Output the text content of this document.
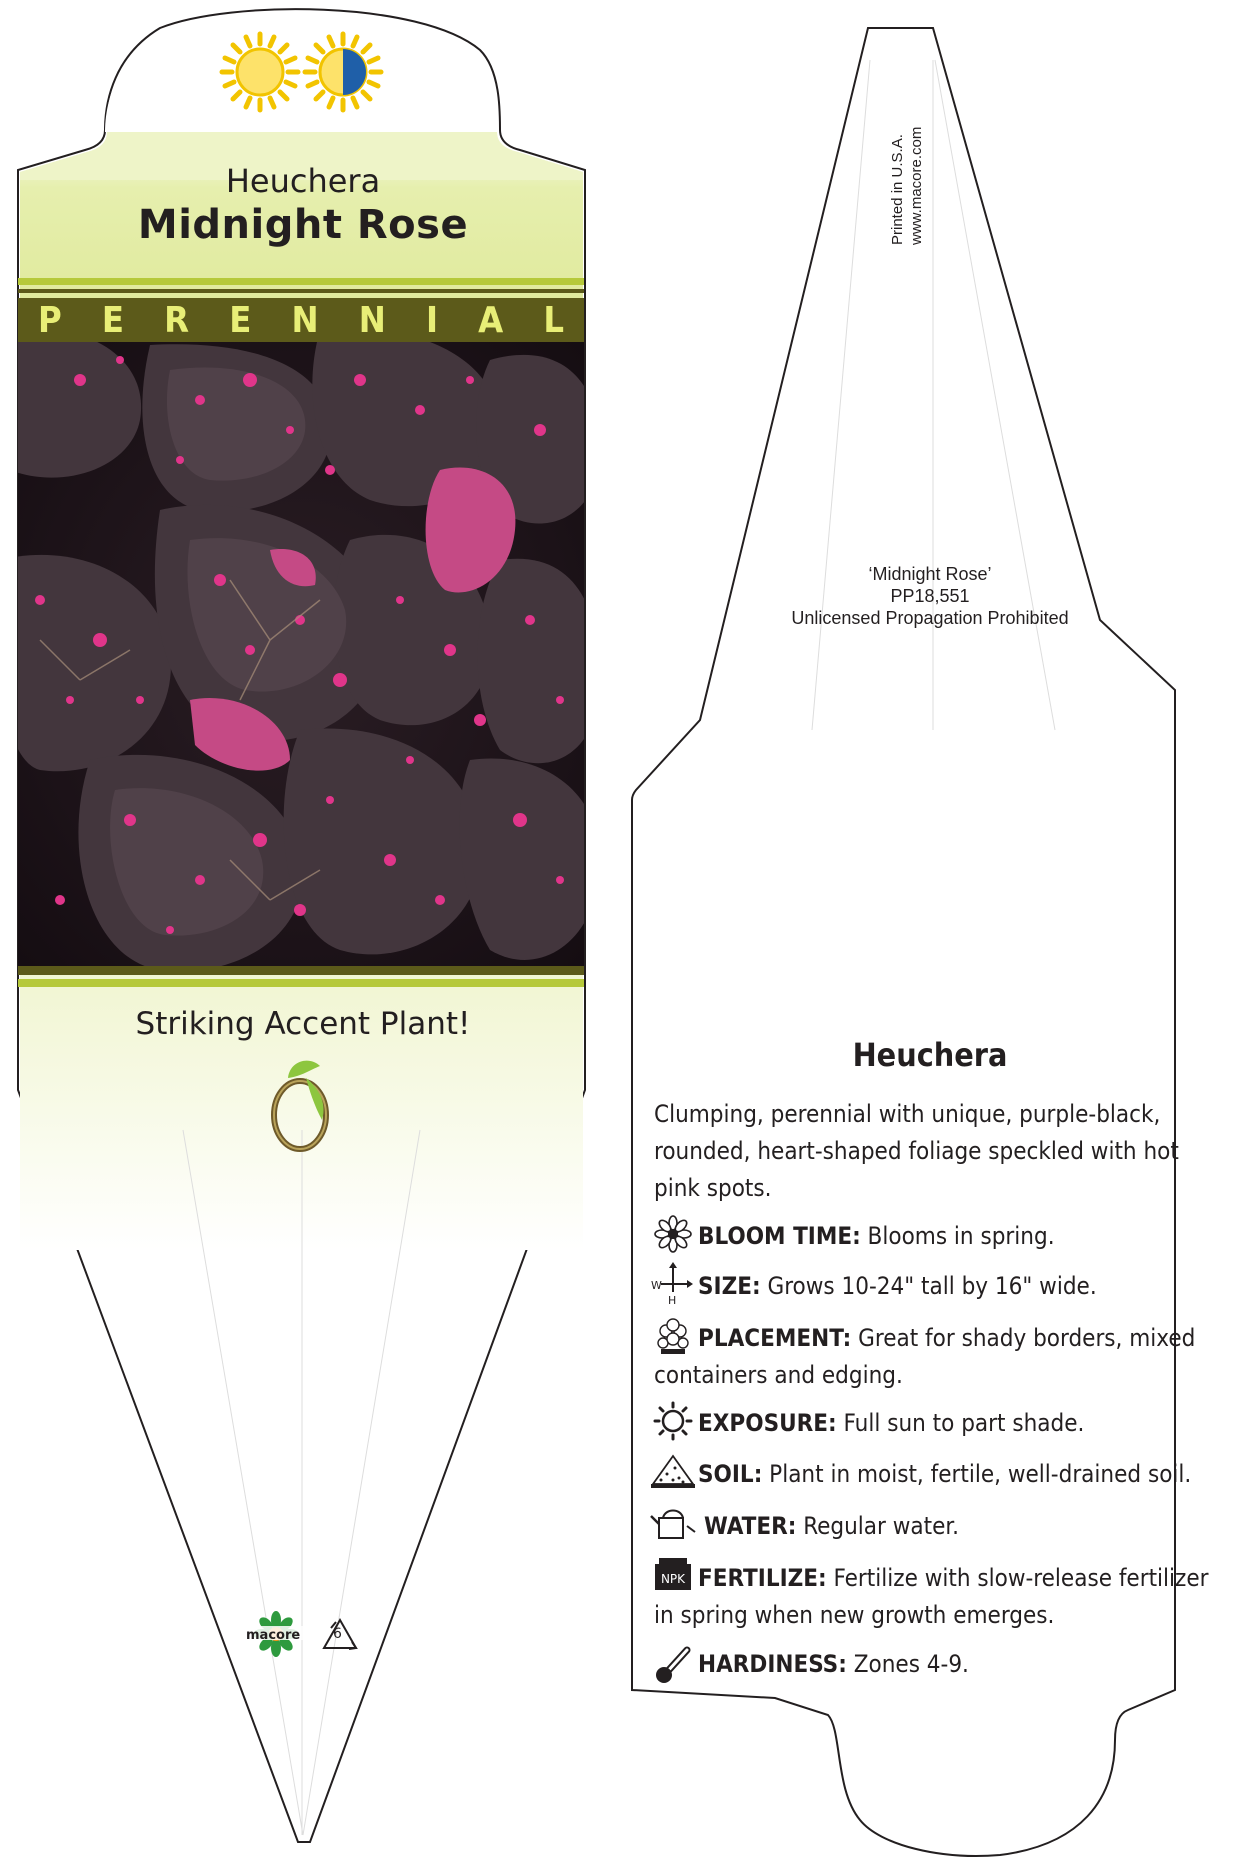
W
H
NPK
Heuchera
Midnight Rose
P E R E N N I A L
Striking Accent Plant!
macore 6
Printed in U.S.A. www.macore.com
‘Midnight Rose’
PP18,551
Unlicensed Propagation Prohibited
Heuchera
Clumping, perennial with unique, purple-black, rounded, heart-shaped foliage speckled with hot pink spots.
BLOOM TIME: Blooms in spring.
SIZE: Grows 10-24" tall by 16" wide.
PLACEMENT: Great for shady borders, mixed containers and edging.
EXPOSURE: Full sun to part shade.
SOIL: Plant in moist, fertile, well-drained soil.
WATER: Regular water.
FERTILIZE: Fertilize with slow-release fertilizer in spring when new growth emerges.
HARDINESS: Zones 4-9.
